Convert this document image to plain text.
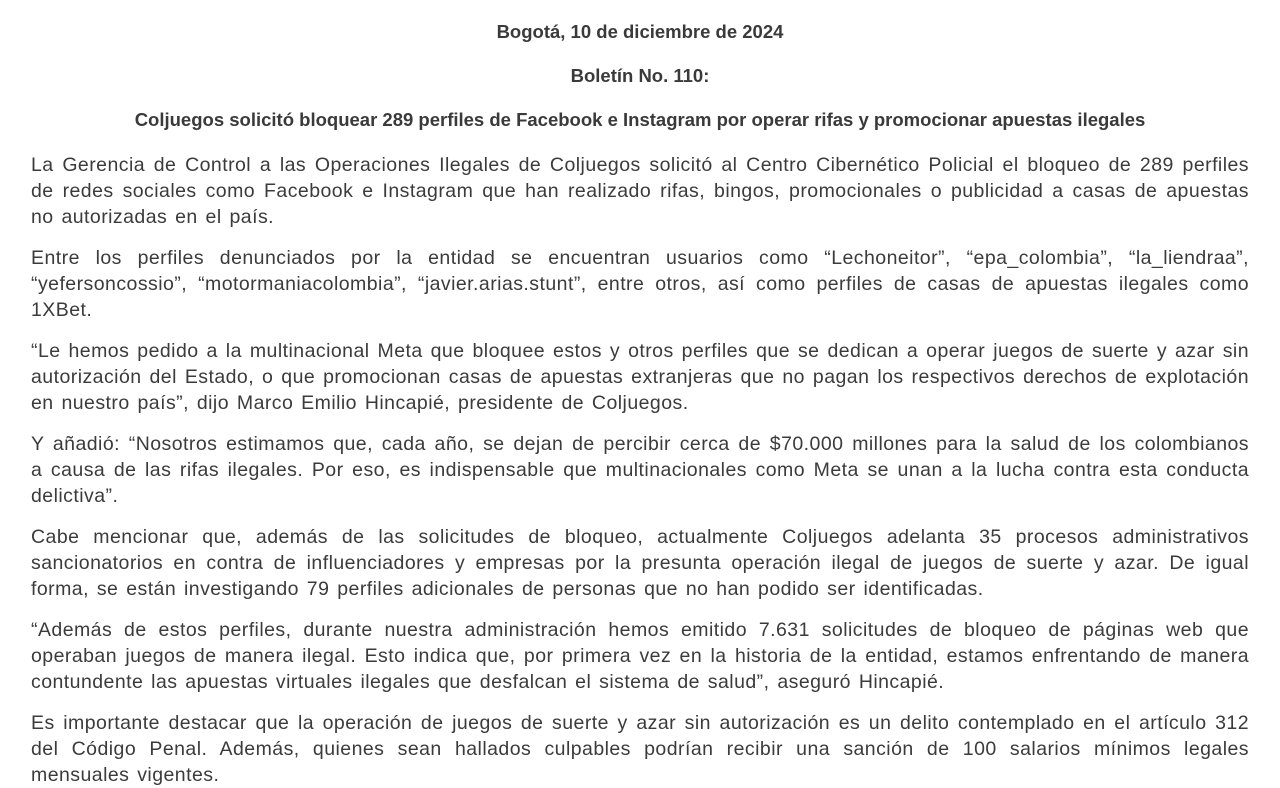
Bogotá, 10 de diciembre de 2024

Boletín No. 110:

Coljuegos solicitó bloquear 289 perfiles de Facebook e Instagram por operar rifas y promocionar apuestas ilegales

La Gerencia de Control a las Operaciones Ilegales de Coljuegos solicitó al Centro Cibernético Policial el bloqueo de 289 perfiles de redes sociales como Facebook e Instagram que han realizado rifas, bingos, promocionales o publicidad a casas de apuestas no autorizadas en el país.

Entre los perfiles denunciados por la entidad se encuentran usuarios como “Lechoneitor”, “epa_colombia”, “la_liendraa”, “yefersoncossio”, “motormaniacolombia”, “javier.arias.stunt”, entre otros, así como perfiles de casas de apuestas ilegales como 1XBet.

“Le hemos pedido a la multinacional Meta que bloquee estos y otros perfiles que se dedican a operar juegos de suerte y azar sin autorización del Estado, o que promocionan casas de apuestas extranjeras que no pagan los respectivos derechos de explotación en nuestro país”, dijo Marco Emilio Hincapié, presidente de Coljuegos.

Y añadió: “Nosotros estimamos que, cada año, se dejan de percibir cerca de $70.000 millones para la salud de los colombianos a causa de las rifas ilegales. Por eso, es indispensable que multinacionales como Meta se unan a la lucha contra esta conducta delictiva”.

Cabe mencionar que, además de las solicitudes de bloqueo, actualmente Coljuegos adelanta 35 procesos administrativos sancionatorios en contra de influenciadores y empresas por la presunta operación ilegal de juegos de suerte y azar. De igual forma, se están investigando 79 perfiles adicionales de personas que no han podido ser identificadas.

“Además de estos perfiles, durante nuestra administración hemos emitido 7.631 solicitudes de bloqueo de páginas web que operaban juegos de manera ilegal. Esto indica que, por primera vez en la historia de la entidad, estamos enfrentando de manera contundente las apuestas virtuales ilegales que desfalcan el sistema de salud”, aseguró Hincapié.

Es importante destacar que la operación de juegos de suerte y azar sin autorización es un delito contemplado en el artículo 312 del Código Penal. Además, quienes sean hallados culpables podrían recibir una sanción de 100 salarios mínimos legales mensuales vigentes.
